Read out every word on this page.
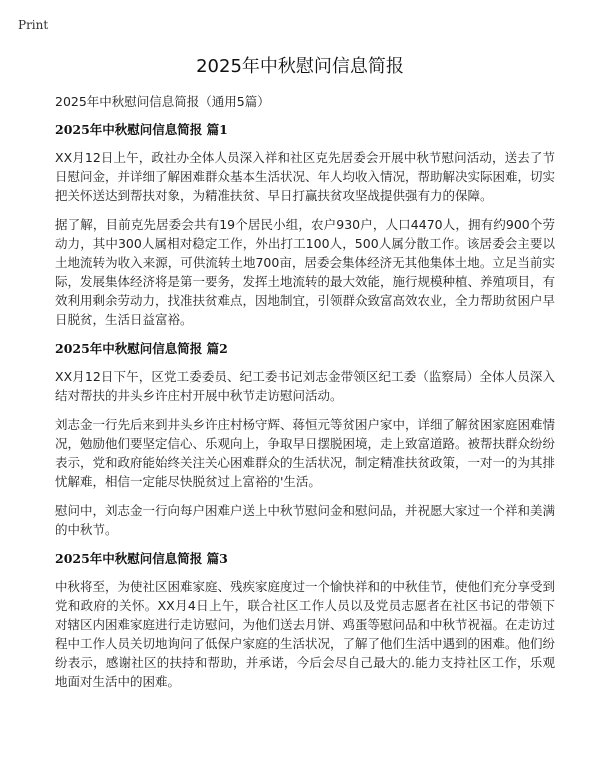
Print
2025年中秋慰问信息简报

2025年中秋慰问信息简报（通用5篇）

2025年中秋慰问信息简报 篇1

XX月12日上午，政社办全体人员深入祥和社区克先居委会开展中秋节慰问活动，送去了节日慰问金，并详细了解困难群众基本生活状况、年人均收入情况，帮助解决实际困难，切实把关怀送达到帮扶对象，为精准扶贫、早日打赢扶贫攻坚战提供强有力的保障。

据了解，目前克先居委会共有19个居民小组，农户930户，人口4470人，拥有约900个劳动力，其中300人属相对稳定工作，外出打工100人，500人属分散工作。该居委会主要以土地流转为收入来源，可供流转土地700亩，居委会集体经济无其他集体土地。立足当前实际，发展集体经济将是第一要务，发挥土地流转的最大效能，施行规模种植、养殖项目，有效利用剩余劳动力，找准扶贫难点，因地制宜，引领群众致富高效农业，全力帮助贫困户早日脱贫，生活日益富裕。

2025年中秋慰问信息简报 篇2

XX月12日下午，区党工委委员、纪工委书记刘志金带领区纪工委（监察局）全体人员深入结对帮扶的井头乡许庄村开展中秋节走访慰问活动。

刘志金一行先后来到井头乡许庄村杨守辉、蒋恒元等贫困户家中，详细了解贫困家庭困难情况，勉励他们要坚定信心、乐观向上，争取早日摆脱困境，走上致富道路。被帮扶群众纷纷表示，党和政府能始终关注关心困难群众的生活状况，制定精准扶贫政策，一对一的为其排忧解难，相信一定能尽快脱贫过上富裕的'生活。

慰问中，刘志金一行向每户困难户送上中秋节慰问金和慰问品，并祝愿大家过一个祥和美满的中秋节。

2025年中秋慰问信息简报 篇3

中秋将至，为使社区困难家庭、残疾家庭度过一个愉快祥和的中秋佳节，使他们充分享受到党和政府的关怀。XX月4日上午，联合社区工作人员以及党员志愿者在社区书记的带领下对辖区内困难家庭进行走访慰问，为他们送去月饼、鸡蛋等慰问品和中秋节祝福。在走访过程中工作人员关切地询问了低保户家庭的生活状况，了解了他们生活中遇到的困难。他们纷纷表示，感谢社区的扶持和帮助，并承诺，今后会尽自己最大的.能力支持社区工作，乐观地面对生活中的困难。
